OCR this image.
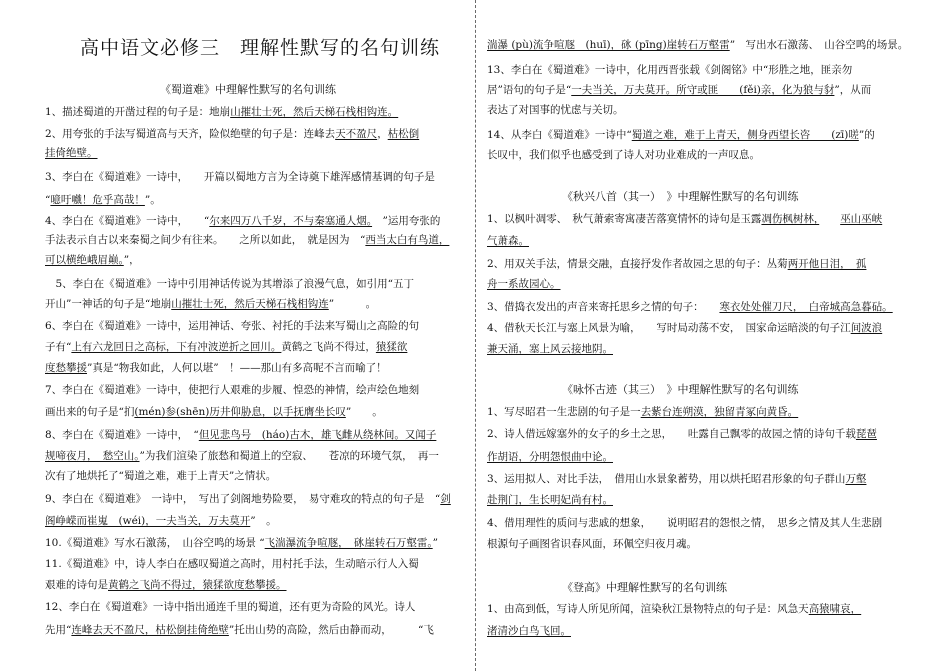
高中语文必修三　理解性默写的名句训练
《蜀道难》中理解性默写的名句训练
1、描述蜀道的开凿过程的句子是：地崩山摧壮士死，然后天梯石栈相钩连。
2、用夸张的手法写蜀道高与天齐，险似绝壁的句子是：连峰去天不盈尺，枯松倒
挂倚绝壁。
3、李白在《蜀道难》一诗中，　　开篇以蜀地方言为全诗奠下雄浑感情基调的句子是
“噫吁嚱！危乎高哉！”。
4、李白在《蜀道难》一诗中，　　“尔来四万八千岁，不与秦塞通人烟。　”运用夸张的
手法表示自古以来秦蜀之间少有往来。　　之所以如此，　就是因为　“西当太白有鸟道，
可以横绝峨眉巅。”，
　5、李白在《蜀道难》一诗中引用神话传说为其增添了浪漫气息，如引用“五丁
开山”一神话的句子是“地崩山摧壮士死，然后天梯石栈相钩连”　　　。
6、李白在《蜀道难》一诗中，运用神话、夸张、衬托的手法来写蜀山之高险的句
子有“上有六龙回日之高标，下有冲波逆折之回川。黄鹤之飞尚不得过，猿猱欲
度愁攀援”真是“物我如此，人何以堪”　！——那山有多高呢不言而喻了！
7、李白在《蜀道难》一诗中，使把行人艰难的步履、惶恐的神情，绘声绘色地刻
画出来的句子是“扪(mén)参(shēn)历井仰胁息，以手抚膺坐长叹”　　。
8、李白在《蜀道难》一诗中，　“但见悲鸟号　(háo)古木，雄飞雌从绕林间。又闻子
规啼夜月，　愁空山。”为我们渲染了旅愁和蜀道上的空寂、　　苍凉的环境气氛，　再一
次有了地烘托了“蜀道之难，难于上青天”之情状。
9、李白在《蜀道难》　一诗中，　写出了剑阁地势险要，　易守难攻的特点的句子是　“剑
阁峥嵘而崔嵬　(wéi)，一夫当关，万夫莫开”　。
10.《蜀道难》写水石激荡，　山谷空鸣的场景 “飞湍瀑流争喧豗，　砯崖转石万壑雷。”
11.《蜀道难》中，诗人李白在感叹蜀道之高时，用村托手法，生动暗示行人入蜀
艰难的诗句是黄鹤之飞尚不得过，猿猱欲度愁攀援。
12、李白在《蜀道难》一诗中指出通连千里的蜀道，还有更为奇险的风光。诗人
先用“连峰去天不盈尺，枯松倒挂倚绝壁”托出山势的高险，然后由静而动，　　　“飞
湍瀑 (pù)流争喧豗　(huī)，砯 (pīng)崖转石万壑雷”　写出水石激荡、　山谷空鸣的场景。
13、李白在《蜀道难》一诗中，化用西晋张载《剑阁铭》中“形胜之地，匪亲勿
居”语句的句子是“一夫当关，万夫莫开。所守或匪　　(fěi)亲，化为狼与豺”，从而
表达了对国事的忧虑与关切。
14、从李白《蜀道难》一诗中“蜀道之难，难于上青天，侧身西望长咨　　(zī)嗟”的
长叹中，我们似乎也感受到了诗人对功业难成的一声叹息。
《秋兴八首（其一）　》中理解性默写的名句训练
1、以枫叶凋零、　秋气萧索寄寓凄苦落寞情怀的诗句是玉露凋伤枫树林，　　 巫山巫峡
气萧森。
2、用双关手法，情景交融，直接抒发作者故园之思的句子：丛菊两开他日泪，　孤
舟一系故园心。
3、借捣衣发出的声音来寄托思乡之情的句子：　　寒衣处处催刀尺，　白帝城高急暮砧。
4、借秋天长江与塞上风景为喻，　　写时局动荡不安，　国家命运暗淡的句子江间波浪
兼天涌，塞上风云接地阴。
《咏怀古迹（其三）　》中理解性默写的名句训练
1、写尽昭君一生悲剧的句子是一去紫台连朔漠，独留青冢向黄昏。
2、诗人借远嫁塞外的女子的乡土之思，　　吐露自己飘零的故园之情的诗句千载琵琶
作胡语，分明怨恨曲中论。
3、运用拟人、对比手法，　借用山水景象蓄势，用以烘托昭君形象的句子群山万壑
赴荆门，生长明妃尚有村。
4、借用理性的质问与悲戚的想象，　　说明昭君的怨恨之情，　思乡之情及其人生悲剧
根源句子画图省识春风面，环佩空归夜月魂。
《登高》中理解性默写的名句训练
1、由高到低，写诗人所见所闻，渲染秋江景物特点的句子是：风急天高猿啸哀，
渚清沙白鸟飞回。
